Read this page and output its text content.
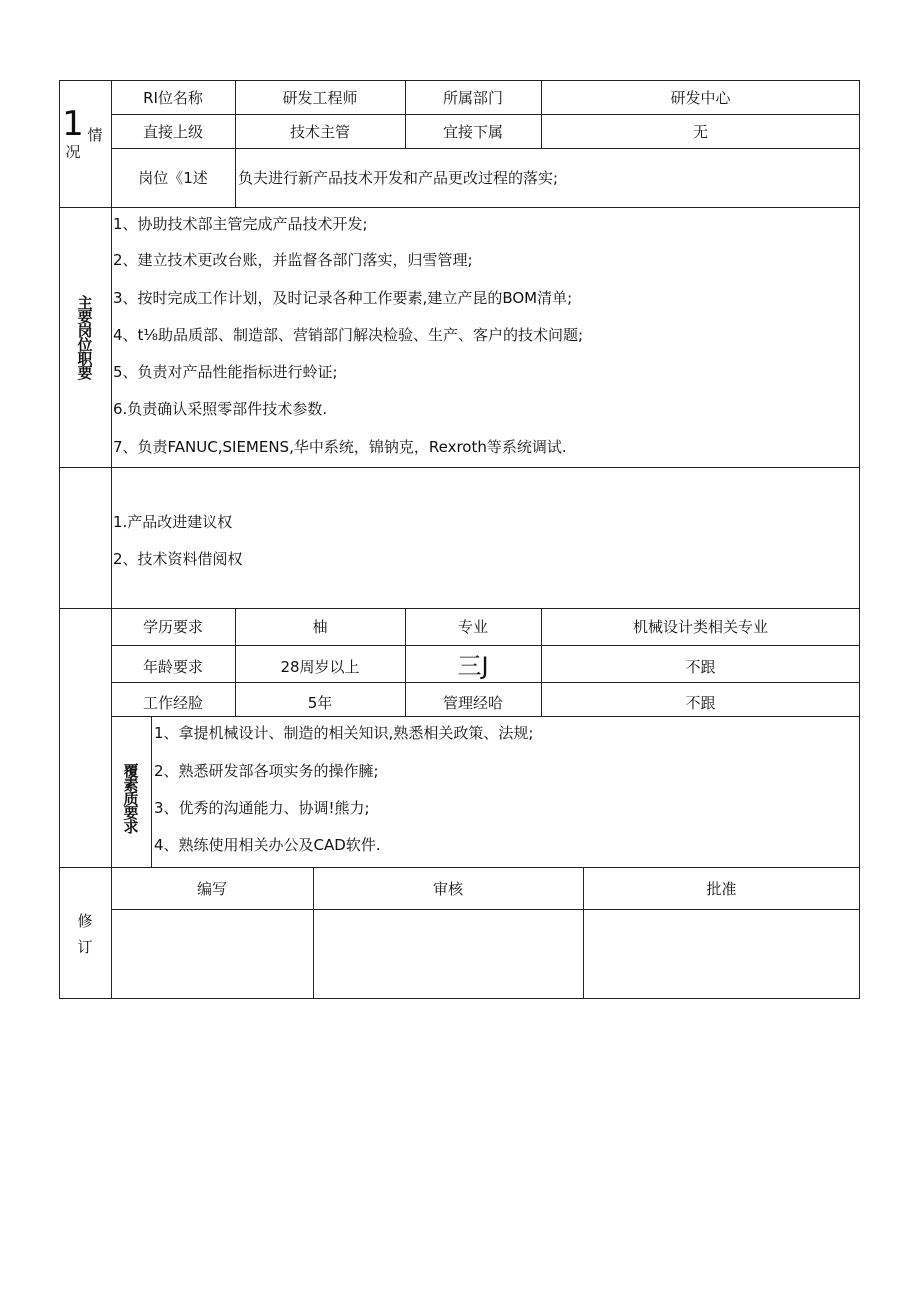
1 情
况
RI位名称	研发工程师	所属部门	研发中心
直接上级	技术主管	宜接下属	无
岗位《1述	负夫进行新产品技术开发和产品更改过程的落实;
主要岗位职要
1、协助技术部主管完成产品技术开发;
2、建立技术更改台账，并监督各部门落实，归雪管理;
3、按时完成工作计划，及时记录各种工作要素,建立产昆的BOM清单;
4、t⅛助品质部、制造部、营销部门解决检验、生产、客户的技术问题;
5、负责对产品性能指标进行蛉证;
6.负责确认采照零部件技术参数.
7、负责FANUC,SIEMENS,华中系统，锦钠克，Rexroth等系统调试.
1.产品改进建议权
2、技术资料借阅权
学历要求	柚	专业	机械设计类相关专业
年龄要求	28周岁以上	三J	不跟
工作经脸	5年	管理经哈	不跟
覆素质要求
1、拿提机械设计、制造的相关知识,熟悉相关政策、法规;
2、熟悉研发部各项实务的操作臃;
3、优秀的沟通能力、协调!熊力;
4、熟练使用相关办公及CAD软件.
修
订
编写	审核	批准
